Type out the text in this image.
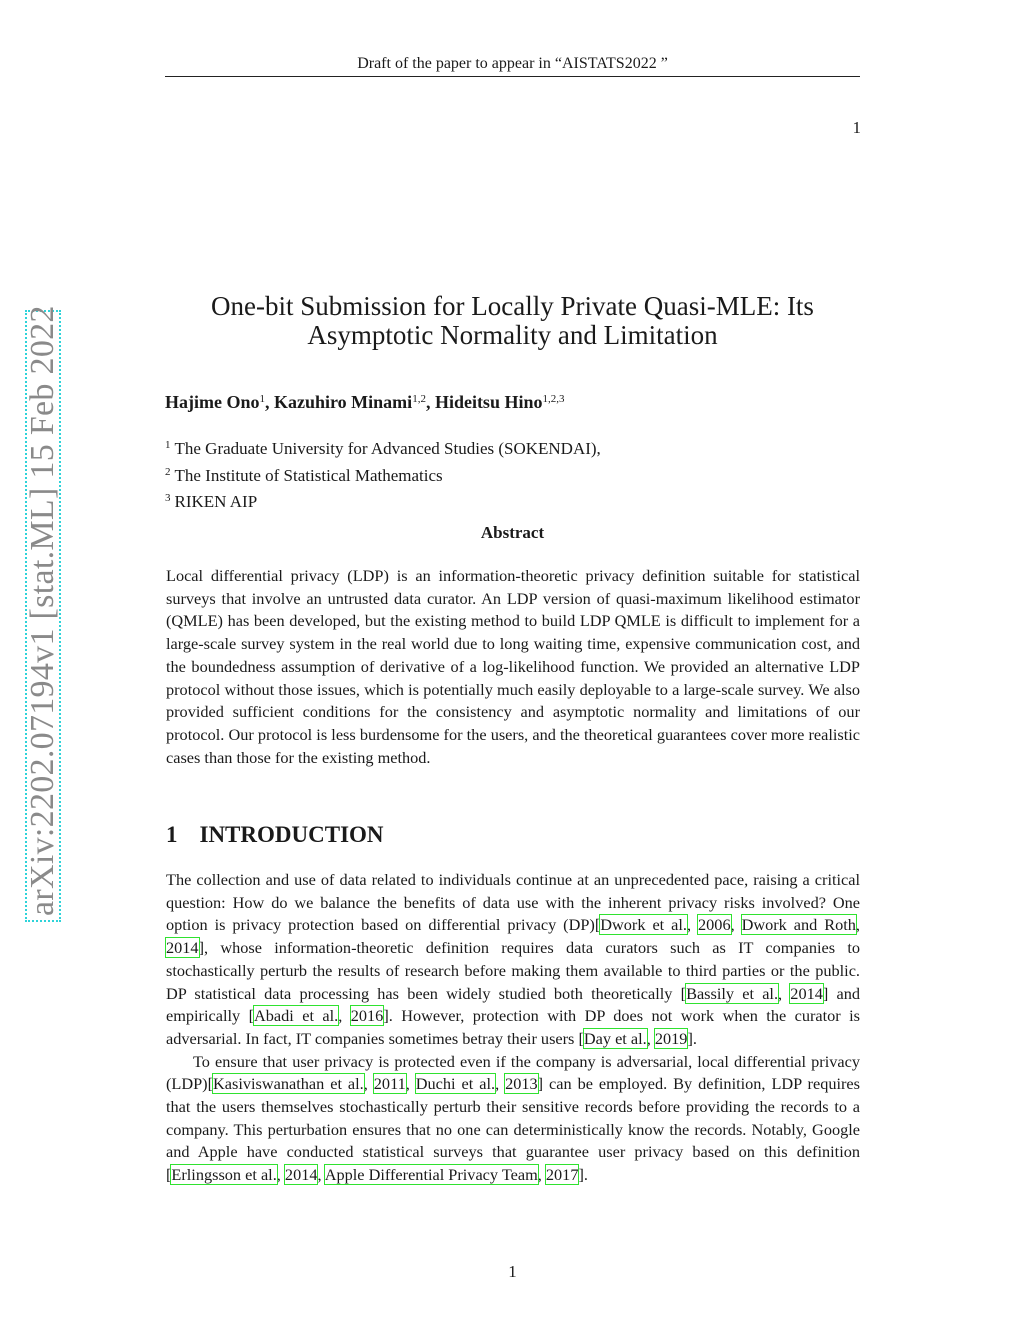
Draft of the paper to appear in “AISTATS2022 ”
1
arXiv:2202.07194v1 [stat.ML] 15 Feb 2022	One-bit Submission for Locally Private Quasi-MLE: Its
Asymptotic Normality and Limitation
Hajime Ono$^1$, Kazuhiro Minami$^{1,2}$, Hideitsu Hino$^{1,2,3}$
$^1$ The Graduate University for Advanced Studies (SOKENDAI),
$^2$ The Institute of Statistical Mathematics
$^3$ RIKEN AIP
Abstract
Local differential privacy (LDP) is an information-theoretic privacy definition suitable for statistical surveys that involve an untrusted data curator. An LDP version of quasi-maximum likelihood estimator (QMLE) has been developed, but the existing method to build LDP QMLE is difficult to implement for a large-scale survey system in the real world due to long waiting time, expensive communication cost, and the boundedness assumption of derivative of a log-likelihood function. We provided an alternative LDP protocol without those issues, which is potentially much easily deployable to a large-scale survey. We also provided sufficient conditions for the consistency and asymptotic normality and limitations of our protocol. Our protocol is less burdensome for the users, and the theoretical guarantees cover more realistic cases than those for the existing method.
1 INTRODUCTION

The collection and use of data related to individuals continue at an unprecedented pace, raising a critical question: How do we balance the benefits of data use with the inherent privacy risks involved? One option is privacy protection based on differential privacy (DP)[Dwork et al., 2006, Dwork and Roth, 2014], whose information-theoretic definition requires data curators such as IT companies to stochastically perturb the results of research before making them available to third parties or the public. DP statistical data processing has been widely studied both theoretically [Bassily et al., 2014] and empirically [Abadi et al., 2016]. However, protection with DP does not work when the curator is adversarial. In fact, IT companies sometimes betray their users [Day et al., 2019].

To ensure that user privacy is protected even if the company is adversarial, local differential privacy (LDP)[Kasiviswanathan et al., 2011, Duchi et al., 2013] can be employed. By definition, LDP requires that the users themselves stochastically perturb their sensitive records before providing the records to a company. This perturbation ensures that no one can deterministically know the records. Notably, Google and Apple have conducted statistical surveys that guarantee user privacy based on this definition [Erlingsson et al., 2014, Apple Differential Privacy Team, 2017].

1
